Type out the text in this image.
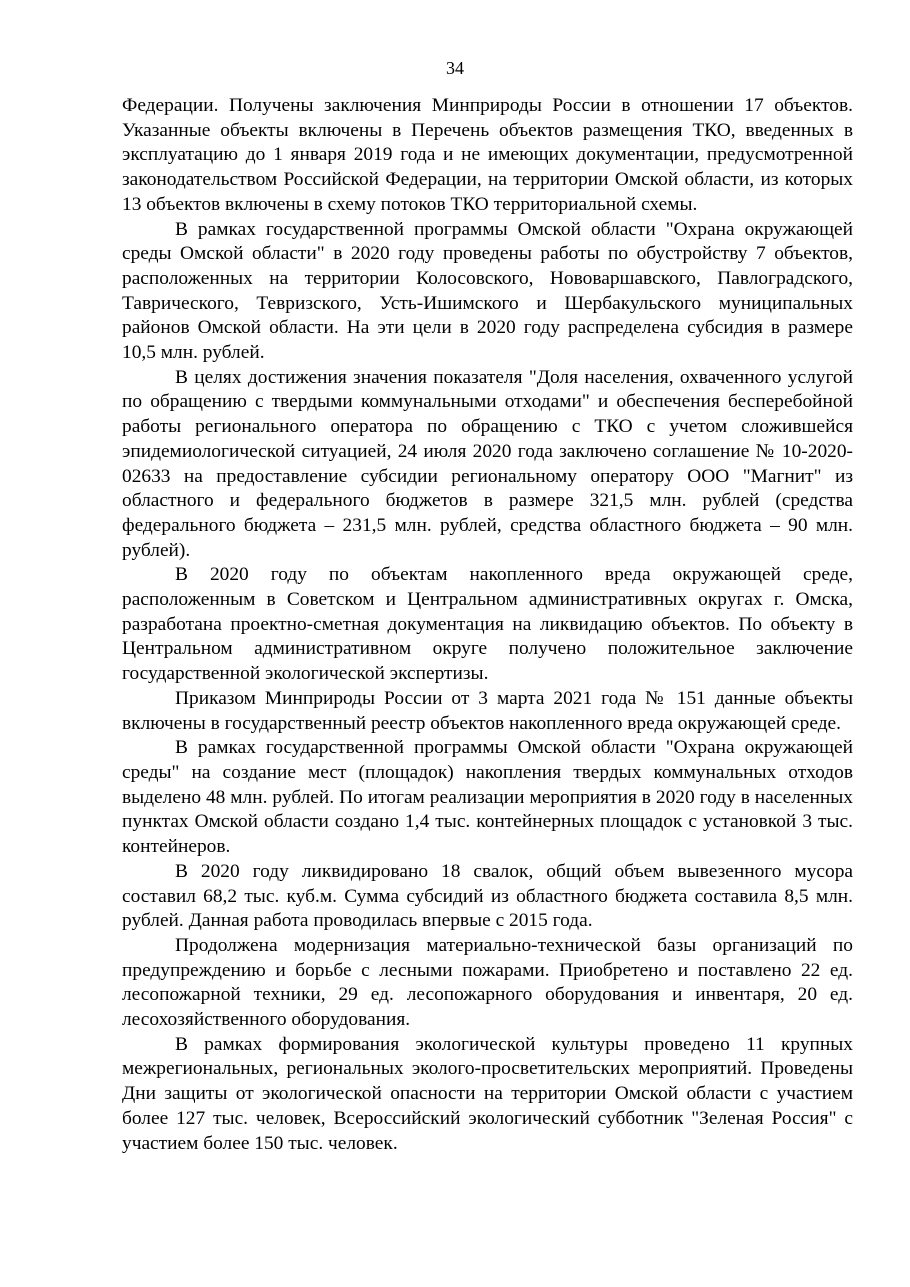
34

Федерации. Получены заключения Минприроды России в отношении 17 объектов. Указанные объекты включены в Перечень объектов размещения ТКО, введенных в эксплуатацию до 1 января 2019 года и не имеющих документации, предусмотренной законодательством Российской Федерации, на территории Омской области, из которых 13 объектов включены в схему потоков ТКО территориальной схемы.

В рамках государственной программы Омской области "Охрана окружающей среды Омской области" в 2020 году проведены работы по обустройству 7 объектов, расположенных на территории Колосовского, Нововаршавского, Павлоградского, Таврического, Тевризского, Усть-Ишимского и Шербакульского муниципальных районов Омской области. На эти цели в 2020 году распределена субсидия в размере 10,5 млн. рублей.

В целях достижения значения показателя "Доля населения, охваченного услугой по обращению с твердыми коммунальными отходами" и обеспечения бесперебойной работы регионального оператора по обращению с ТКО с учетом сложившейся эпидемиологической ситуацией, 24 июля 2020 года заключено соглашение № 10-2020-02633 на предоставление субсидии региональному оператору ООО "Магнит" из областного и федерального бюджетов в размере 321,5 млн. рублей (средства федерального бюджета – 231,5 млн. рублей, средства областного бюджета – 90 млн. рублей).

В 2020 году по объектам накопленного вреда окружающей среде, расположенным в Советском и Центральном административных округах г. Омска, разработана проектно-сметная документация на ликвидацию объектов. По объекту в Центральном административном округе получено положительное заключение государственной экологической экспертизы.

Приказом Минприроды России от 3 марта 2021 года № 151 данные объекты включены в государственный реестр объектов накопленного вреда окружающей среде.

В рамках государственной программы Омской области "Охрана окружающей среды" на создание мест (площадок) накопления твердых коммунальных отходов выделено 48 млн. рублей. По итогам реализации мероприятия в 2020 году в населенных пунктах Омской области создано 1,4 тыс. контейнерных площадок с установкой 3 тыс. контейнеров.

В 2020 году ликвидировано 18 свалок, общий объем вывезенного мусора составил 68,2 тыс. куб.м. Сумма субсидий из областного бюджета составила 8,5 млн. рублей. Данная работа проводилась впервые с 2015 года.

Продолжена модернизация материально-технической базы организаций по предупреждению и борьбе с лесными пожарами. Приобретено и поставлено 22 ед. лесопожарной техники, 29 ед. лесопожарного оборудования и инвентаря, 20 ед. лесохозяйственного оборудования.

В рамках формирования экологической культуры проведено 11 крупных межрегиональных, региональных эколого-просветительских мероприятий. Проведены Дни защиты от экологической опасности на территории Омской области с участием более 127 тыс. человек, Всероссийский экологический субботник "Зеленая Россия" с участием более 150 тыс. человек.
